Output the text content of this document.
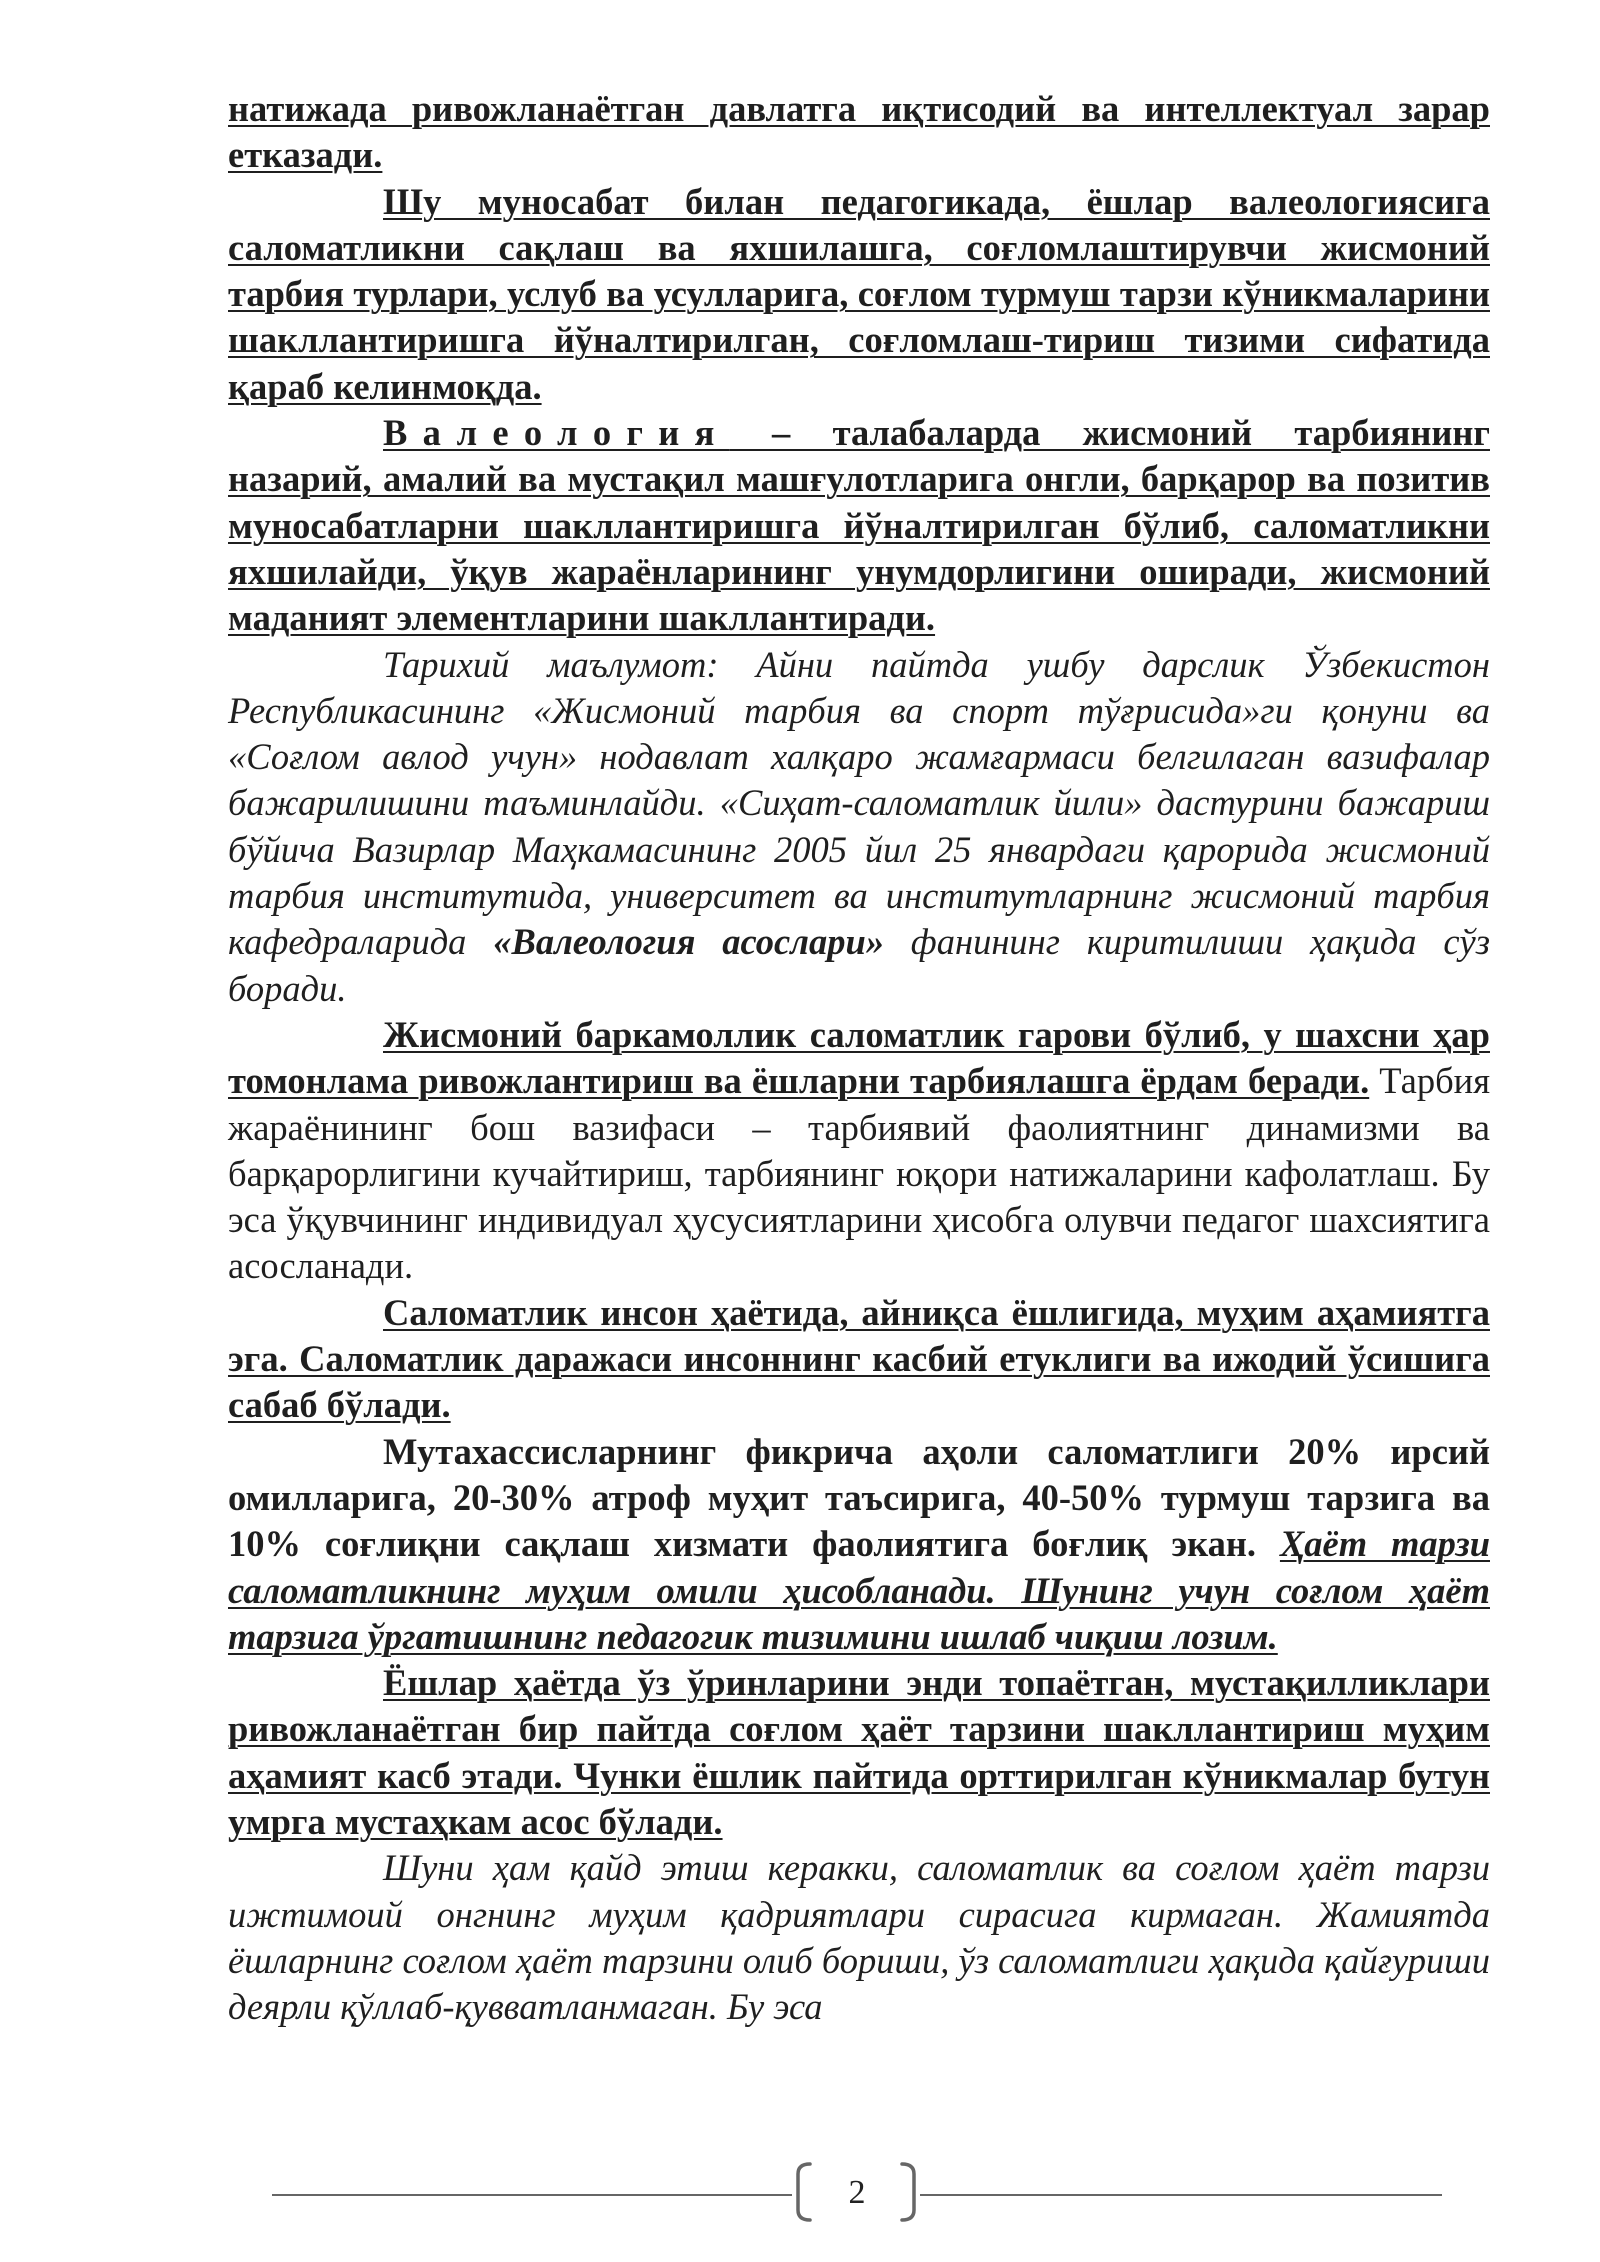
натижада ривожланаётган давлатга иқтисодий ва интеллектуал зарар етказади.

Шу муносабат билан педагогикада, ёшлар валеологиясига саломатликни сақлаш ва яхшилашга, соғломлаштирувчи жисмоний тарбия турлари, услуб ва усулларига, соғлом турмуш тарзи кўникмаларини шакллантиришга йўналтирилган, соғломлаш-тириш тизими сифатида қараб келинмоқда.

Валеология – талабаларда жисмоний тарбиянинг назарий, амалий ва мустақил машғулотларига онгли, барқарор ва позитив муносабатларни шакллантиришга йўналтирилган бўлиб, саломатликни яхшилайди, ўқув жараёнларининг унумдорлигини оширади, жисмоний маданият элементларини шакллантиради.

Тарихий маълумот: Айни пайтда ушбу дарслик Ўзбекистон Республикасининг «Жисмоний тарбия ва спорт тўғрисида»ги қонуни ва «Соғлом авлод учун» нодавлат халқаро жамғармаси белгилаган вазифалар бажарилишини таъминлайди. «Сиҳат-саломатлик йили» дастурини бажариш бўйича Вазирлар Маҳкамасининг 2005 йил 25 январдаги қарорида жисмоний тарбия институтида, университет ва институтларнинг жисмоний тарбия кафедраларида «Валеология асослари» фанининг киритилиши ҳақида сўз боради.

Жисмоний баркамоллик саломатлик гарови бўлиб, у шахсни ҳар томонлама ривожлантириш ва ёшларни тарбиялашга ёрдам беради. Тарбия жараёнининг бош вазифаси – тарбиявий фаолиятнинг динамизми ва барқарорлигини кучайтириш, тарбиянинг юқори натижаларини кафолатлаш. Бу эса ўқувчининг индивидуал ҳусусиятларини ҳисобга олувчи педагог шахсиятига асосланади.

Саломатлик инсон ҳаётида, айниқса ёшлигида, муҳим аҳамиятга эга. Саломатлик даражаси инсоннинг касбий етуклиги ва ижодий ўсишига сабаб бўлади.

Мутахассисларнинг фикрича аҳоли саломатлиги 20% ирсий омилларига, 20-30% атроф муҳит таъсирига, 40-50% турмуш тарзига ва 10% соғлиқни сақлаш хизмати фаолиятига боғлиқ экан. Ҳаёт тарзи саломатликнинг муҳим омили ҳисобланади. Шунинг учун соғлом ҳаёт тарзига ўргатишнинг педагогик тизимини ишлаб чиқиш лозим.

Ёшлар ҳаётда ўз ўринларини энди топаётган, мустақилликлари ривожланаётган бир пайтда соғлом ҳаёт тарзини шакллантириш муҳим аҳамият касб этади. Чунки ёшлик пайтида орттирилган кўникмалар бутун умрга мустаҳкам асос бўлади.

Шуни ҳам қайд этиш керакки, саломатлик ва соғлом ҳаёт тарзи ижтимоий онгнинг муҳим қадриятлари сирасига кирмаган. Жамиятда ёшларнинг соғлом ҳаёт тарзини олиб бориши, ўз саломатлиги ҳақида қайғуриши деярли қўллаб-қувватланмаган. Бу эса

2
